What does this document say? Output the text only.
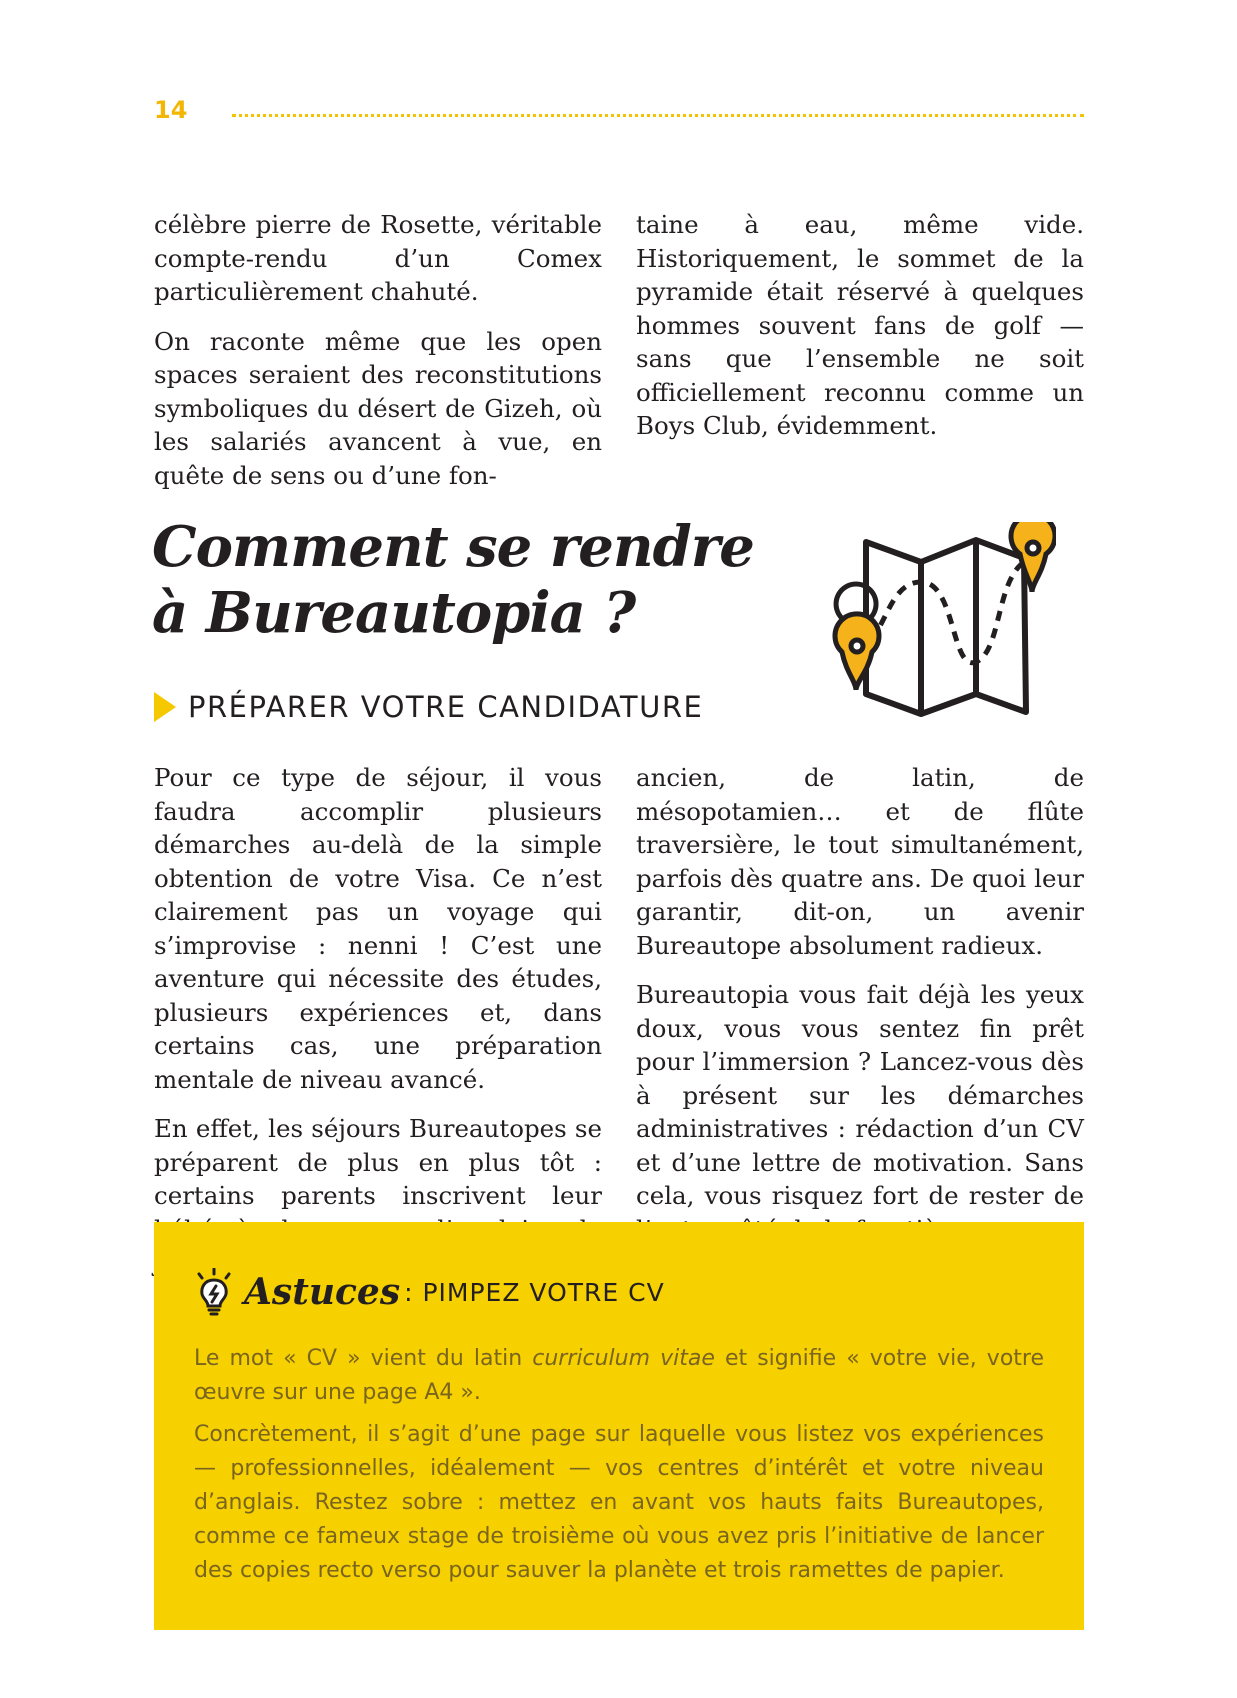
14

célèbre pierre de Rosette, véritable compte-rendu d’un Comex particulièrement chahuté.

On raconte même que les open spaces seraient des reconstitutions symboliques du désert de Gizeh, où les salariés avancent à vue, en quête de sens ou d’une fon-

taine à eau, même vide. Historiquement, le sommet de la pyramide était réservé à quelques hommes souvent fans de golf — sans que l’ensemble ne soit officiellement reconnu comme un Boys Club, évidemment.

Comment se rendre
à Bureautopia ?
PRÉPARER VOTRE CANDIDATURE

Pour ce type de séjour, il vous faudra accomplir plusieurs démarches au-delà de la simple obtention de votre Visa. Ce n’est clairement pas un voyage qui s’improvise : nenni ! C’est une aventure qui nécessite des études, plusieurs expériences et, dans certains cas, une préparation mentale de niveau avancé.

En effet, les séjours Bureautopes se préparent de plus en plus tôt : certains parents inscrivent leur

ancien, de latin, de mésopotamien… et de flûte traversière, le tout simultanément, parfois dès quatre ans. De quoi leur garantir, dit-on, un avenir Bureautope absolument radieux.

Bureautopia vous fait déjà les yeux doux, vous vous sentez fin prêt pour l’immersion ? Lancez-vous dès à présent sur les démarches administratives : rédaction d’un CV et d’une lettre de motivation. Sans cela, vous risquez fort de rester de

Astuces : PIMPEZ VOTRE CV

Le mot « CV » vient du latin curriculum vitae et signifie « votre vie, votre œuvre sur une page A4 ».

Concrètement, il s’agit d’une page sur laquelle vous listez vos expériences — professionnelles, idéalement — vos centres d’intérêt et votre niveau d’anglais. Restez sobre : mettez en avant vos hauts faits Bureautopes, comme ce fameux stage de troisième où vous avez pris l’initiative de lancer des copies recto verso pour sauver la planète et trois ramettes de papier.
